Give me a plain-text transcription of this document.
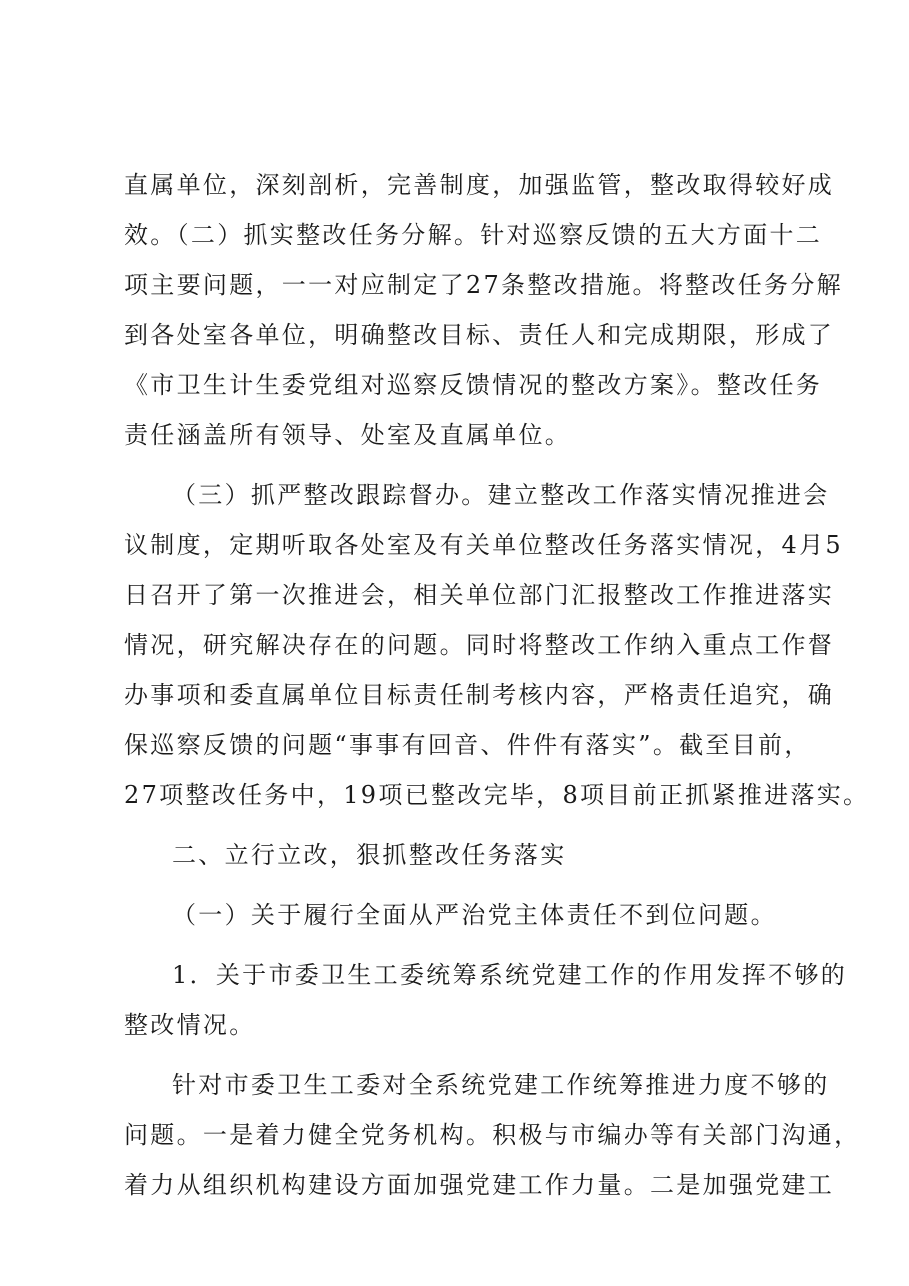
直属单位，深刻剖析，完善制度，加强监管，整改取得较好成
效。（二）抓实整改任务分解。针对巡察反馈的五大方面十二
项主要问题，一一对应制定了27条整改措施。将整改任务分解
到各处室各单位，明确整改目标、责任人和完成期限，形成了
《市卫生计生委党组对巡察反馈情况的整改方案》。整改任务
责任涵盖所有领导、处室及直属单位。
（三）抓严整改跟踪督办。建立整改工作落实情况推进会
议制度，定期听取各处室及有关单位整改任务落实情况，4月5
日召开了第一次推进会，相关单位部门汇报整改工作推进落实
情况，研究解决存在的问题。同时将整改工作纳入重点工作督
办事项和委直属单位目标责任制考核内容，严格责任追究，确
保巡察反馈的问题“事事有回音、件件有落实”。截至目前，
27项整改任务中，19项已整改完毕，8项目前正抓紧推进落实。
二、立行立改，狠抓整改任务落实
（一）关于履行全面从严治党主体责任不到位问题。
1．关于市委卫生工委统筹系统党建工作的作用发挥不够的
整改情况。
针对市委卫生工委对全系统党建工作统筹推进力度不够的
问题。一是着力健全党务机构。积极与市编办等有关部门沟通，
着力从组织机构建设方面加强党建工作力量。二是加强党建工
